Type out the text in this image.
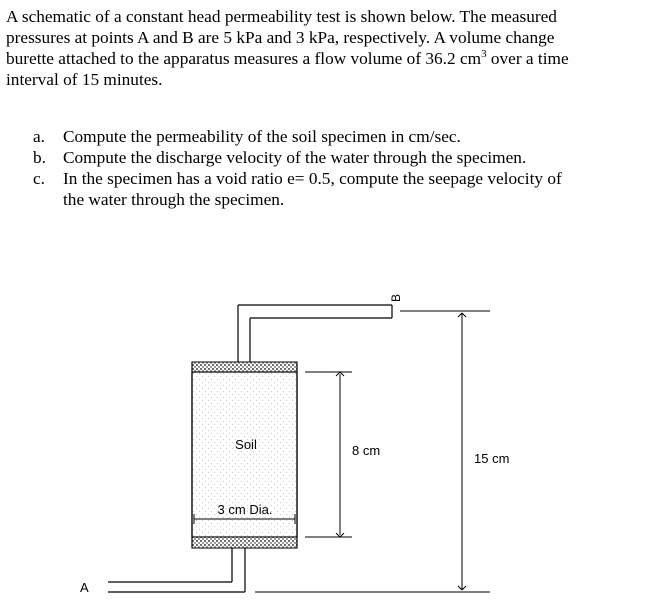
A schematic of a constant head permeability test is shown below. The measured

pressures at points A and B are 5 kPa and 3 kPa, respectively. A volume change

burette attached to the apparatus measures a flow volume of 36.2 $cm^3$ over a time

interval of 15 minutes.

a. Compute the permeability of the soil specimen in cm/sec.
b. Compute the discharge velocity of the water through the specimen.
c. In the specimen has a void ratio e= 0.5, compute the seepage velocity of
the water through the specimen.
Soil
3 cm Dia.
8 cm
15 cm
B
A
